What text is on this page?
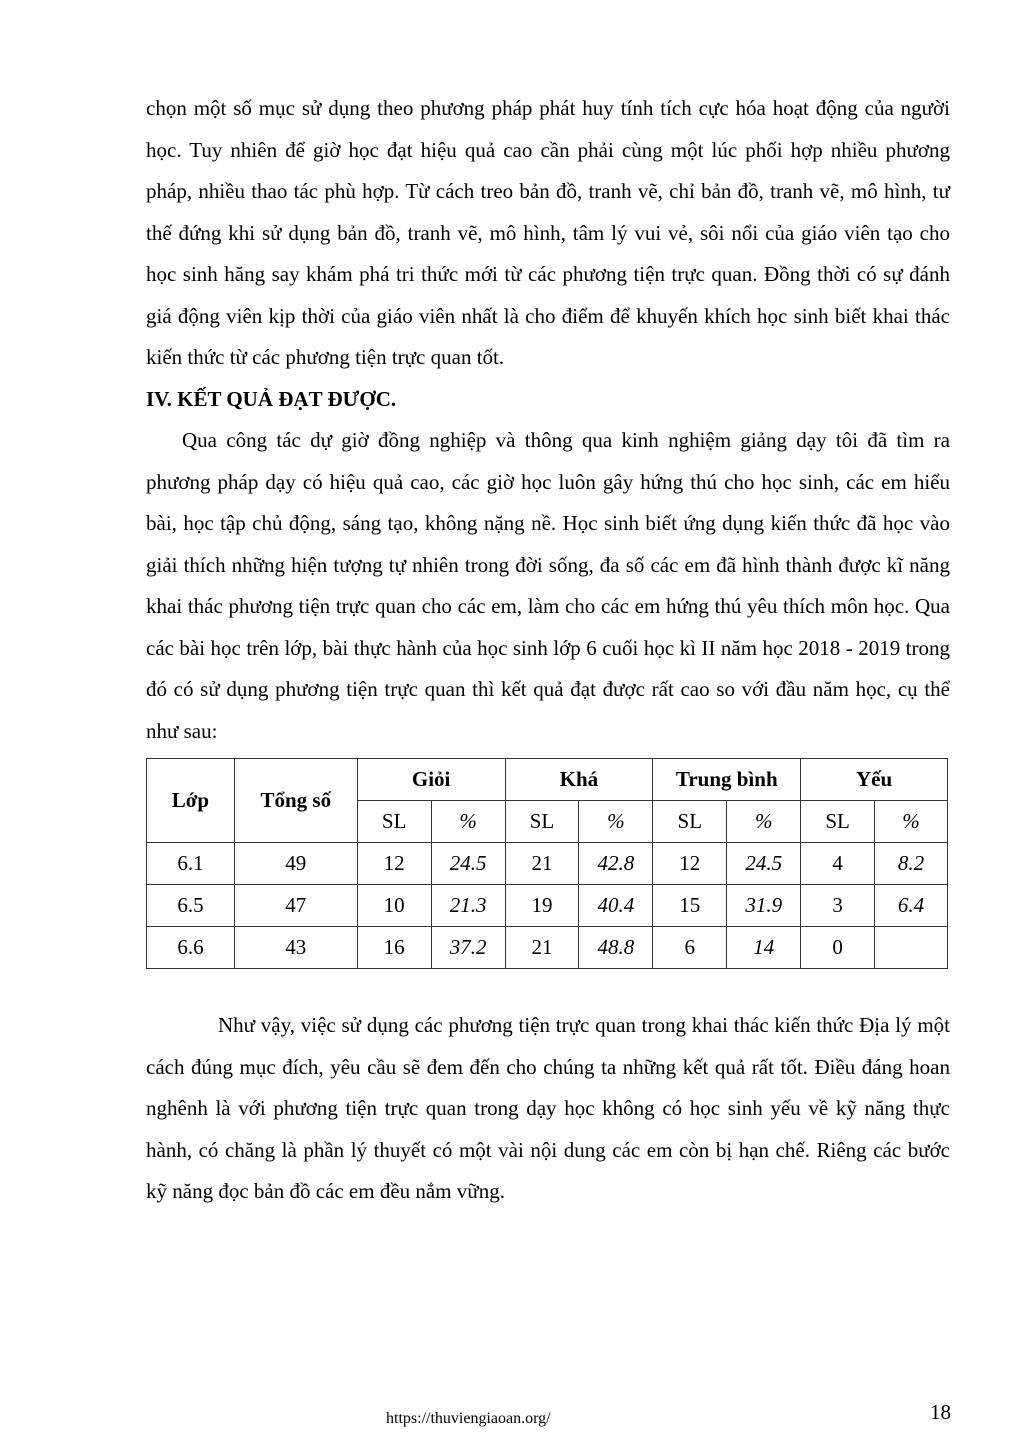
chọn một số mục sử dụng theo phương pháp phát huy tính tích cực hóa hoạt động của người học. Tuy nhiên để giờ học đạt hiệu quả cao cần phải cùng một lúc phối hợp nhiều phương pháp, nhiều thao tác phù hợp. Từ cách treo bản đồ, tranh vẽ, chỉ bản đồ, tranh vẽ, mô hình, tư thế đứng khi sử dụng bản đồ, tranh vẽ, mô hình, tâm lý vui vẻ, sôi nổi của giáo viên tạo cho học sinh hăng say khám phá tri thức mới từ các phương tiện trực quan. Đồng thời có sự đánh giá động viên kịp thời của giáo viên nhất là cho điểm để khuyến khích học sinh biết khai thác kiến thức từ các phương tiện trực quan tốt.

IV. KẾT QUẢ ĐẠT ĐƯỢC.

Qua công tác dự giờ đồng nghiệp và thông qua kinh nghiệm giảng dạy tôi đã tìm ra phương pháp dạy có hiệu quả cao, các giờ học luôn gây hứng thú cho học sinh, các em hiểu bài, học tập chủ động, sáng tạo, không nặng nề. Học sinh biết ứng dụng kiến thức đã học vào giải thích những hiện tượng tự nhiên trong đời sống, đa số các em đã hình thành được kĩ năng khai thác phương tiện trực quan cho các em, làm cho các em hứng thú yêu thích môn học. Qua các bài học trên lớp, bài thực hành của học sinh lớp 6 cuối học kì II năm học 2018 - 2019 trong đó có sử dụng phương tiện trực quan thì kết quả đạt được rất cao so với đầu năm học, cụ thể như sau:

Lớp	Tổng số	Giỏi		Khá		Trung bình		Yếu	
		SL	%	SL	%	SL	%	SL	%
6.1	49	12	24.5	21	42.8	12	24.5	4	8.2
6.5	47	10	21.3	19	40.4	15	31.9	3	6.4
6.6	43	16	37.2	21	48.8	6	14	0	

Như vậy, việc sử dụng các phương tiện trực quan trong khai thác kiến thức Địa lý một cách đúng mục đích, yêu cầu sẽ đem đến cho chúng ta những kết quả rất tốt. Điều đáng hoan nghênh là với phương tiện trực quan trong dạy học không có học sinh yếu về kỹ năng thực hành, có chăng là phần lý thuyết có một vài nội dung các em còn bị hạn chế. Riêng các bước kỹ năng đọc bản đồ các em đều nắm vững.

https://thuviengiaoan.org/	18
